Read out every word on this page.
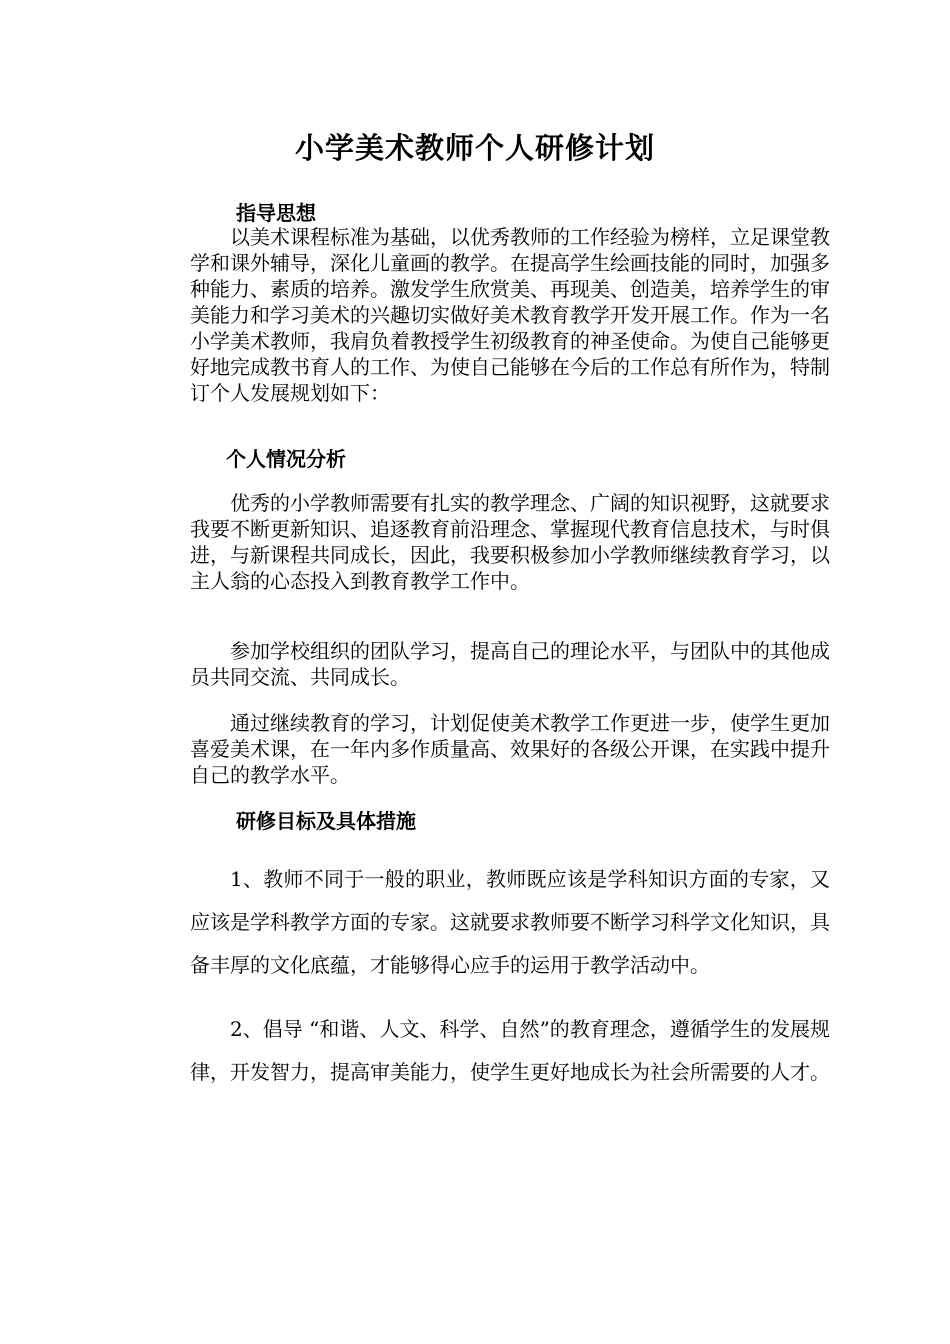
小学美术教师个人研修计划
指导思想

以美术课程标准为基础，以优秀教师的工作经验为榜样，立足课堂教学和课外辅导，深化儿童画的教学。在提高学生绘画技能的同时，加强多种能力、素质的培养。激发学生欣赏美、再现美、创造美，培养学生的审美能力和学习美术的兴趣切实做好美术教育教学开发开展工作。作为一名小学美术教师，我肩负着教授学生初级教育的神圣使命。为使自己能够更好地完成教书育人的工作、为使自己能够在今后的工作总有所作为，特制订个人发展规划如下：

个人情况分析

优秀的小学教师需要有扎实的教学理念、广阔的知识视野，这就要求我要不断更新知识、追逐教育前沿理念、掌握现代教育信息技术，与时俱进，与新课程共同成长，因此，我要积极参加小学教师继续教育学习，以主人翁的心态投入到教育教学工作中。

参加学校组织的团队学习，提高自己的理论水平，与团队中的其他成员共同交流、共同成长。

通过继续教育的学习，计划促使美术教学工作更进一步，使学生更加喜爱美术课，在一年内多作质量高、效果好的各级公开课，在实践中提升自己的教学水平。

研修目标及具体措施

1、教师不同于一般的职业，教师既应该是学科知识方面的专家，又应该是学科教学方面的专家。这就要求教师要不断学习科学文化知识，具备丰厚的文化底蕴，才能够得心应手的运用于教学活动中。

2、倡导 “和谐、人文、科学、自然”的教育理念，遵循学生的发展规律，开发智力，提高审美能力，使学生更好地成长为社会所需要的人才。
